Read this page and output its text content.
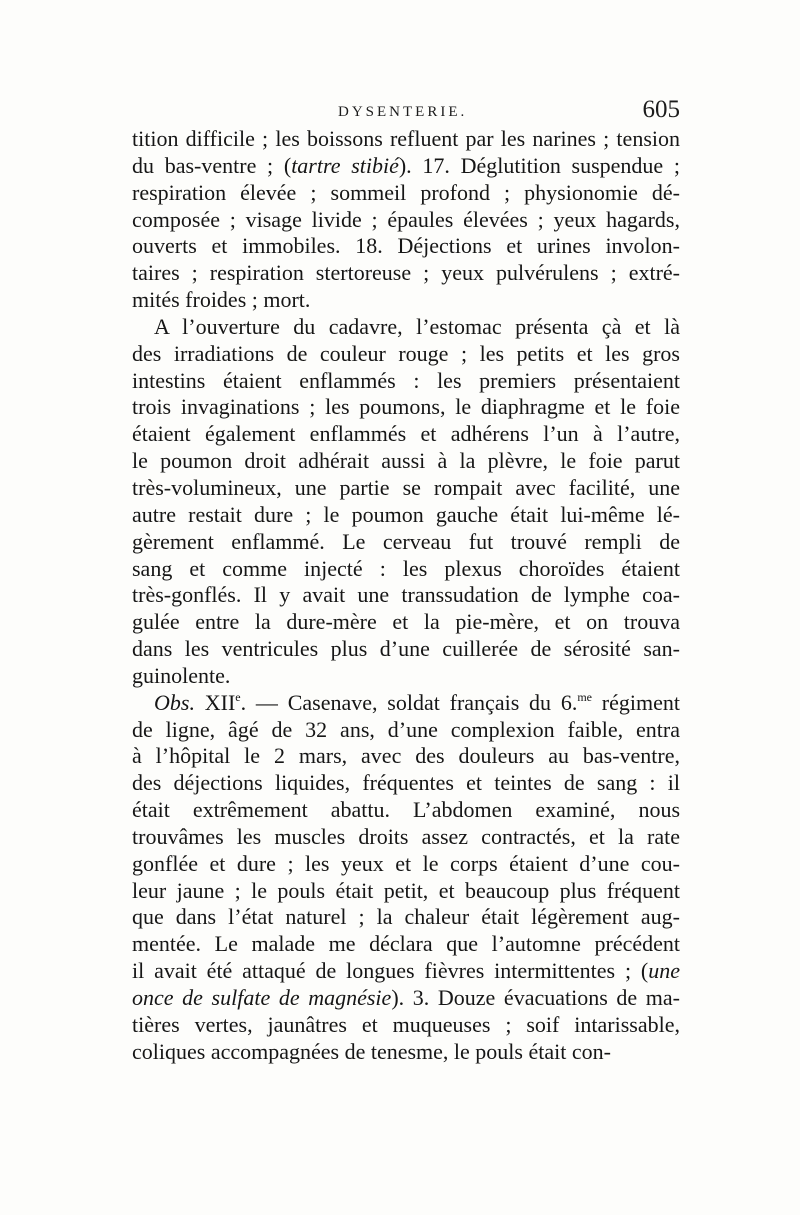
DYSENTERIE.	605
tition difficile ; les boissons refluent par les narines ; tension
du bas-ventre ; (tartre stibié). 17. Déglutition suspendue ;
respiration élevée ; sommeil profond ; physionomie dé-
composée ; visage livide ; épaules élevées ; yeux hagards,
ouverts et immobiles. 18. Déjections et urines involon-
taires ; respiration stertoreuse ; yeux pulvérulens ; extré-
mités froides ; mort.
A l’ouverture du cadavre, l’estomac présenta çà et là
des irradiations de couleur rouge ; les petits et les gros
intestins étaient enflammés : les premiers présentaient
trois invaginations ; les poumons, le diaphragme et le foie
étaient également enflammés et adhérens l’un à l’autre,
le poumon droit adhérait aussi à la plèvre, le foie parut
très-volumineux, une partie se rompait avec facilité, une
autre restait dure ; le poumon gauche était lui-même lé-
gèrement enflammé. Le cerveau fut trouvé rempli de
sang et comme injecté : les plexus choroïdes étaient
très-gonflés. Il y avait une transsudation de lymphe coa-
gulée entre la dure-mère et la pie-mère, et on trouva
dans les ventricules plus d’une cuillerée de sérosité san-
guinolente.
Obs. XIIe. — Casenave, soldat français du 6.$^{me}$ régiment
de ligne, âgé de 32 ans, d’une complexion faible, entra
à l’hôpital le 2 mars, avec des douleurs au bas-ventre,
des déjections liquides, fréquentes et teintes de sang : il
était extrêmement abattu. L’abdomen examiné, nous
trouvâmes les muscles droits assez contractés, et la rate
gonflée et dure ; les yeux et le corps étaient d’une cou-
leur jaune ; le pouls était petit, et beaucoup plus fréquent
que dans l’état naturel ; la chaleur était légèrement aug-
mentée. Le malade me déclara que l’automne précédent
il avait été attaqué de longues fièvres intermittentes ; (une
once de sulfate de magnésie). 3. Douze évacuations de ma-
tières vertes, jaunâtres et muqueuses ; soif intarissable,
coliques accompagnées de tenesme, le pouls était con-
